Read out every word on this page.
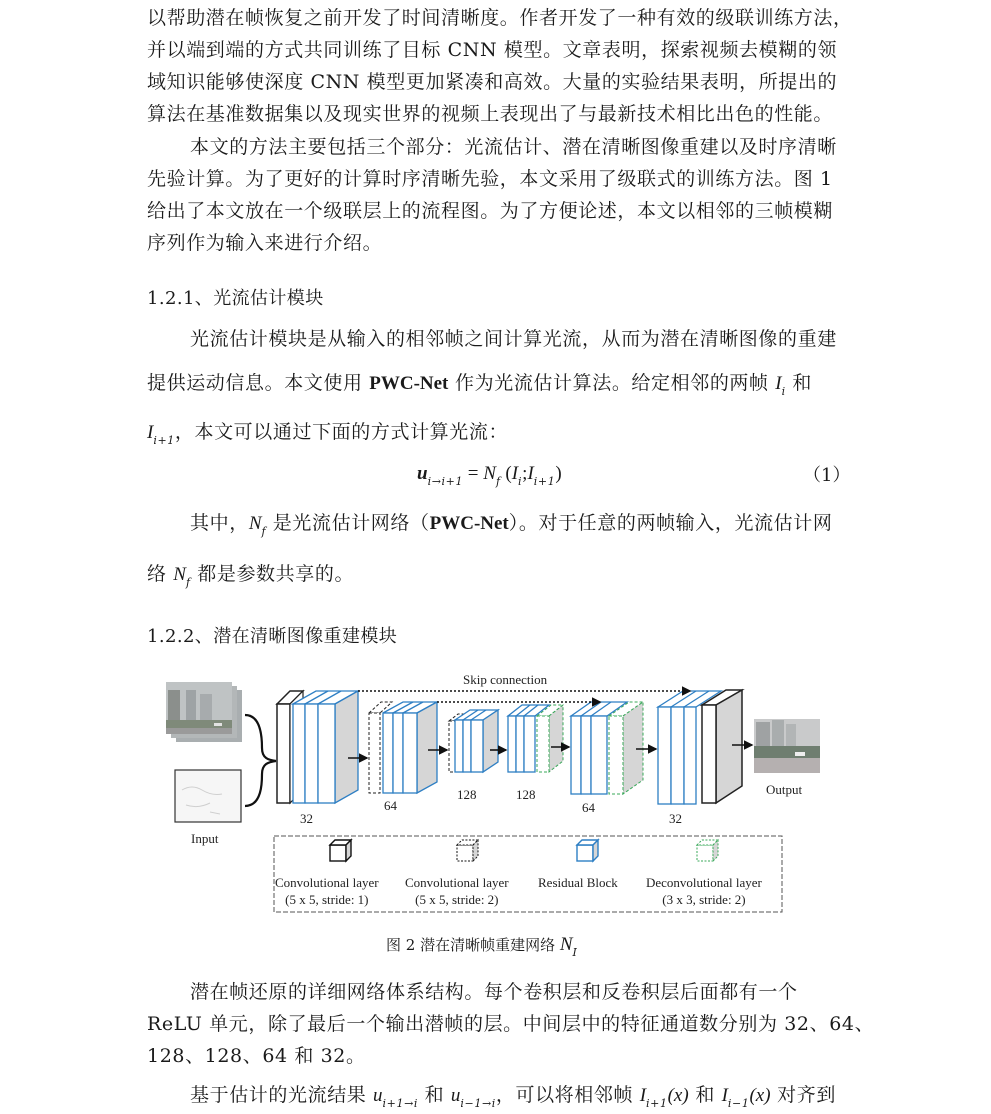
以帮助潜在帧恢复之前开发了时间清晰度。作者开发了一种有效的级联训练方法，
并以端到端的方式共同训练了目标 CNN 模型。文章表明，探索视频去模糊的领
域知识能够使深度 CNN 模型更加紧凑和高效。大量的实验结果表明，所提出的
算法在基准数据集以及现实世界的视频上表现出了与最新技术相比出色的性能。
本文的方法主要包括三个部分：光流估计、潜在清晰图像重建以及时序清晰
先验计算。为了更好的计算时序清晰先验，本文采用了级联式的训练方法。图 1
给出了本文放在一个级联层上的流程图。为了方便论述，本文以相邻的三帧模糊
序列作为输入来进行介绍。
1.2.1、光流估计模块
光流估计模块是从输入的相邻帧之间计算光流，从而为潜在清晰图像的重建
提供运动信息。本文使用 PWC-Net 作为光流估计算法。给定相邻的两帧 $I_i$ 和
$I_{i+1}$，本文可以通过下面的方式计算光流：
$u_{i\to i+1} = N_f$ $(I_i;I_{i+1})$	（1）
其中，$N_f$ 是光流估计网络（PWC-Net）。对于任意的两帧输入，光流估计网
络 $N_f$ 都是参数共享的。
1.2.2、潜在清晰图像重建模块
Skip connection
Input
Output
32
64
128	128
64
32
Convolutional layer
(5 x 5, stride: 1)
Convolutional layer
(5 x 5, stride: 2)
Residual Block Deconvolutional layer
(3 x 3, stride: 2)
图 2 潜在清晰帧重建网络 $N_I$
潜在帧还原的详细网络体系结构。每个卷积层和反卷积层后面都有一个
ReLU 单元，除了最后一个输出潜帧的层。中间层中的特征通道数分别为 32、64、
128、128、64 和 32。
基于估计的光流结果 $u_{i+1\to i}$ 和 $u_{i-1\to i}$，可以将相邻帧 $I_{i+1}(x)$ 和 $I_{i-1}(x)$ 对齐到
